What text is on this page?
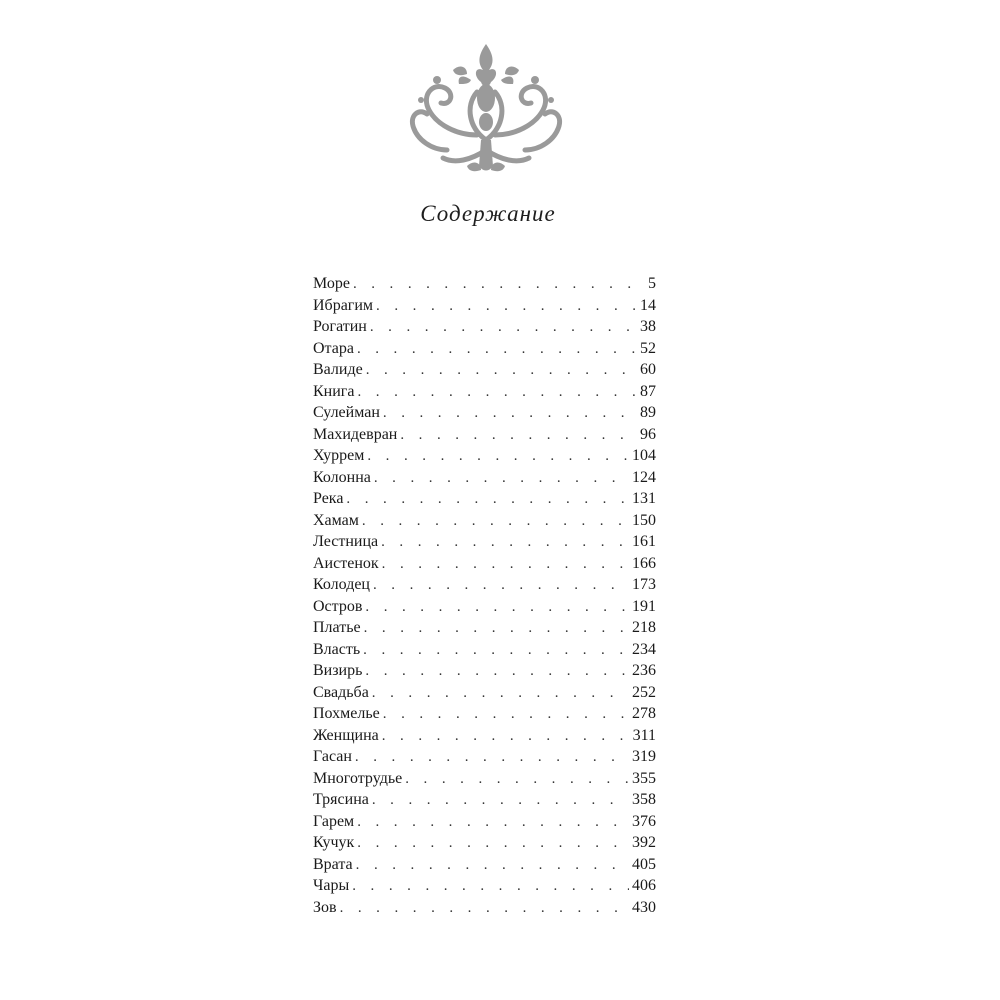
Содержание
Море . . .	5
Ибрагим . . .	14
Рогатин . . .	38
Отара . . .	52
Валиде . . .	60
Книга . . .	87
Сулейман . . .	89
Махидевран . . .	96
Хуррем . . .	104
Колонна . . .	124
Река . . .	131
Хамам . . .	150
Лестница . . .	161
Аистенок . . .	166
Колодец . . .	173
Остров . . .	191
Платье . . .	218
Власть . . .	234
Визирь . . .	236
Свадьба . . .	252
Похмелье . . .	278
Женщина . . .	311
Гасан . . .	319
Многотрудье . . .	355
Трясина . . .	358
Гарем . . .	376
Кучук . . .	392
Врата . . .	405
Чары . . .	406
Зов . . .	430
